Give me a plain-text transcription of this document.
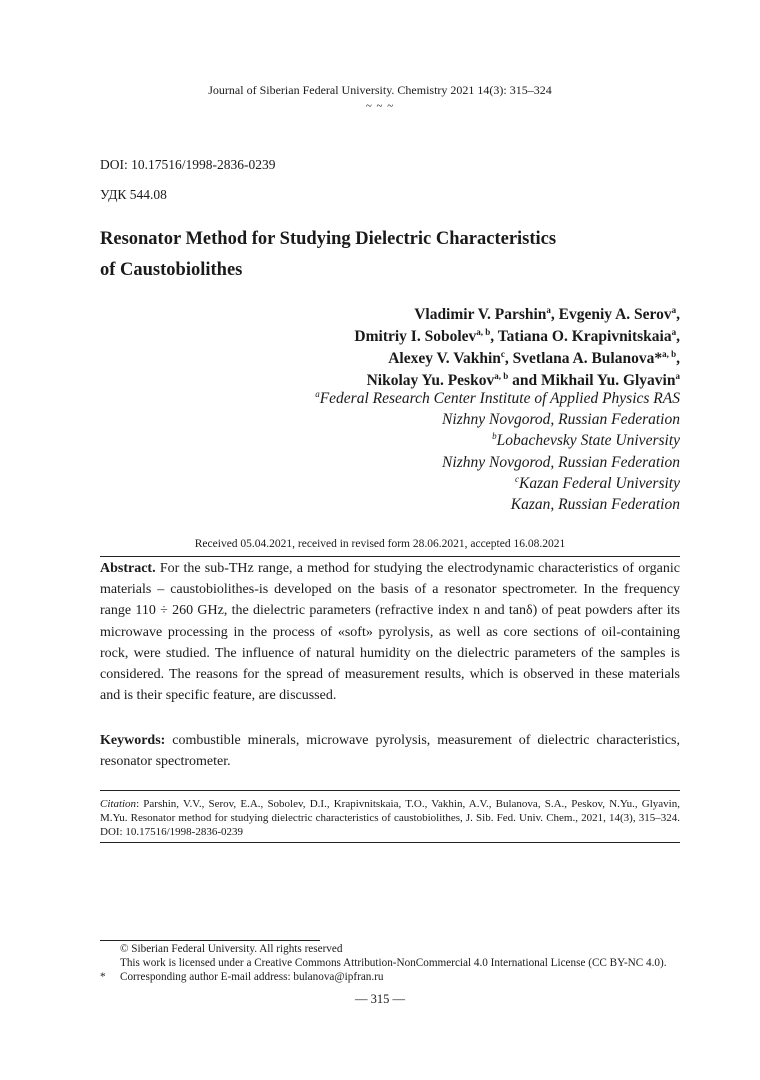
Journal of Siberian Federal University. Chemistry 2021 14(3): 315–324
~ ~ ~
DOI: 10.17516/1998-2836-0239
УДК 544.08
Resonator Method for Studying Dielectric Characteristics
of Caustobiolithes
Vladimir V. Parshin$^a$, Evgeniy A. Serov$^a$,
Dmitriy I. Sobolev$^{a, b}$, Tatiana O. Krapivnitskaia$^a$,
Alexey V. Vakhin$^c$, Svetlana A. Bulanova*$^{a, b}$,
Nikolay Yu. Peskov$^{a, b}$ and Mikhail Yu. Glyavin$^a$
$^a$Federal Research Center Institute of Applied Physics RAS
Nizhny Novgorod, Russian Federation
$^b$Lobachevsky State University
Nizhny Novgorod, Russian Federation
$^c$Kazan Federal University
Kazan, Russian Federation
Received 05.04.2021, received in revised form 28.06.2021, accepted 16.08.2021
Abstract. For the sub-THz range, a method for studying the electrodynamic characteristics of organic materials – caustobiolithes-is developed on the basis of a resonator spectrometer. In the frequency range 110 ÷ 260 GHz, the dielectric parameters (refractive index n and tanδ) of peat powders after its microwave processing in the process of «soft» pyrolysis, as well as core sections of oil-containing rock, were studied. The influence of natural humidity on the dielectric parameters of the samples is considered. The reasons for the spread of measurement results, which is observed in these materials and is their specific feature, are discussed.
Keywords: combustible minerals, microwave pyrolysis, measurement of dielectric characteristics, resonator spectrometer.
Citation: Parshin, V.V., Serov, E.A., Sobolev, D.I., Krapivnitskaia, T.O., Vakhin, A.V., Bulanova, S.A., Peskov, N.Yu., Glyavin, M.Yu. Resonator method for studying dielectric characteristics of caustobiolithes, J. Sib. Fed. Univ. Chem., 2021, 14(3), 315–324. DOI: 10.17516/1998-2836-0239
© Siberian Federal University. All rights reserved
This work is licensed under a Creative Commons Attribution-NonCommercial 4.0 International License (CC BY-NC 4.0).
* Corresponding author E-mail address: bulanova@ipfran.ru
— 315 —
